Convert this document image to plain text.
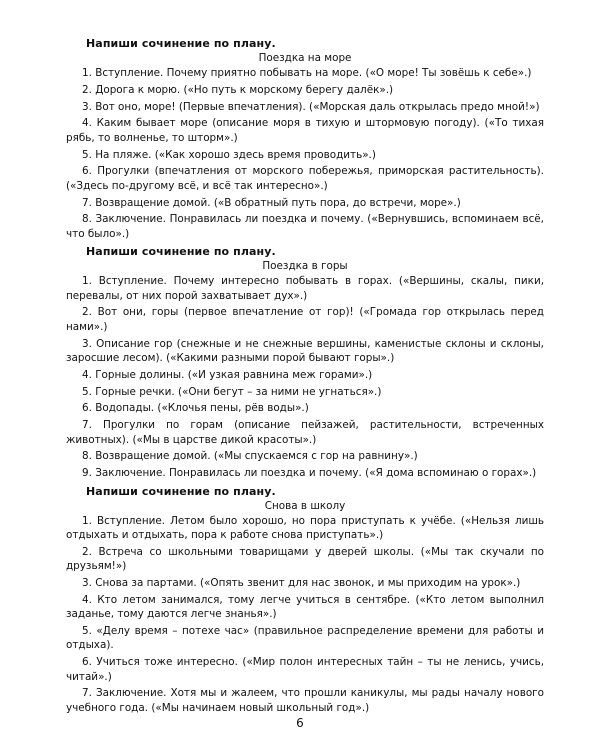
Напиши сочинение по плану.
Поездка на море
1. Вступление. Почему приятно побывать на море. («О море! Ты зовёшь к себе».)
2. Дорога к морю. («Но путь к морскому берегу далёк».)
3. Вот оно, море! (Первые впечатления). («Морская даль открылась предо мной!»)
4. Каким бывает море (описание моря в тихую и штормовую погоду). («То тихая рябь, то волненье, то шторм».)
5. На пляже. («Как хорошо здесь время проводить».)
6. Прогулки (впечатления от морского побережья, приморская растительность). («Здесь по-другому всё, и всё так интересно».)
7. Возвращение домой. («В обратный путь пора, до встречи, море».)
8. Заключение. Понравилась ли поездка и почему. («Вернувшись, вспоминаем всё, что было».)
Напиши сочинение по плану.
Поездка в горы
1. Вступление. Почему интересно побывать в горах. («Вершины, скалы, пики, перевалы, от них порой захватывает дух».)
2. Вот они, горы (первое впечатление от гор)! («Громада гор открылась перед нами».)
3. Описание гор (снежные и не снежные вершины, каменистые склоны и склоны, заросшие лесом). («Какими разными порой бывают горы».)
4. Горные долины. («И узкая равнина меж горами».)
5. Горные речки. («Они бегут – за ними не угнаться».)
6. Водопады. («Клочья пены, рёв воды».)
7. Прогулки по горам (описание пейзажей, растительности, встреченных животных). («Мы в царстве дикой красоты».)
8. Возвращение домой. («Мы спускаемся с гор на равнину».)
9. Заключение. Понравилась ли поездка и почему. («Я дома вспоминаю о горах».)
Напиши сочинение по плану.
Снова в школу
1. Вступление. Летом было хорошо, но пора приступать к учёбе. («Нельзя лишь отдыхать и отдыхать, пора к работе снова приступать».)
2. Встреча со школьными товарищами у дверей школы. («Мы так скучали по друзьям!»)
3. Снова за партами. («Опять звенит для нас звонок, и мы приходим на урок».)
4. Кто летом занимался, тому легче учиться в сентябре. («Кто летом выполнил заданье, тому даются легче знанья».)
5. «Делу время – потехе час» (правильное распределение времени для работы и отдыха).
6. Учиться тоже интересно. («Мир полон интересных тайн – ты не ленись, учись, читай».)
7. Заключение. Хотя мы и жалеем, что прошли каникулы, мы рады началу нового учебного года. («Мы начинаем новый школьный год».)
6
